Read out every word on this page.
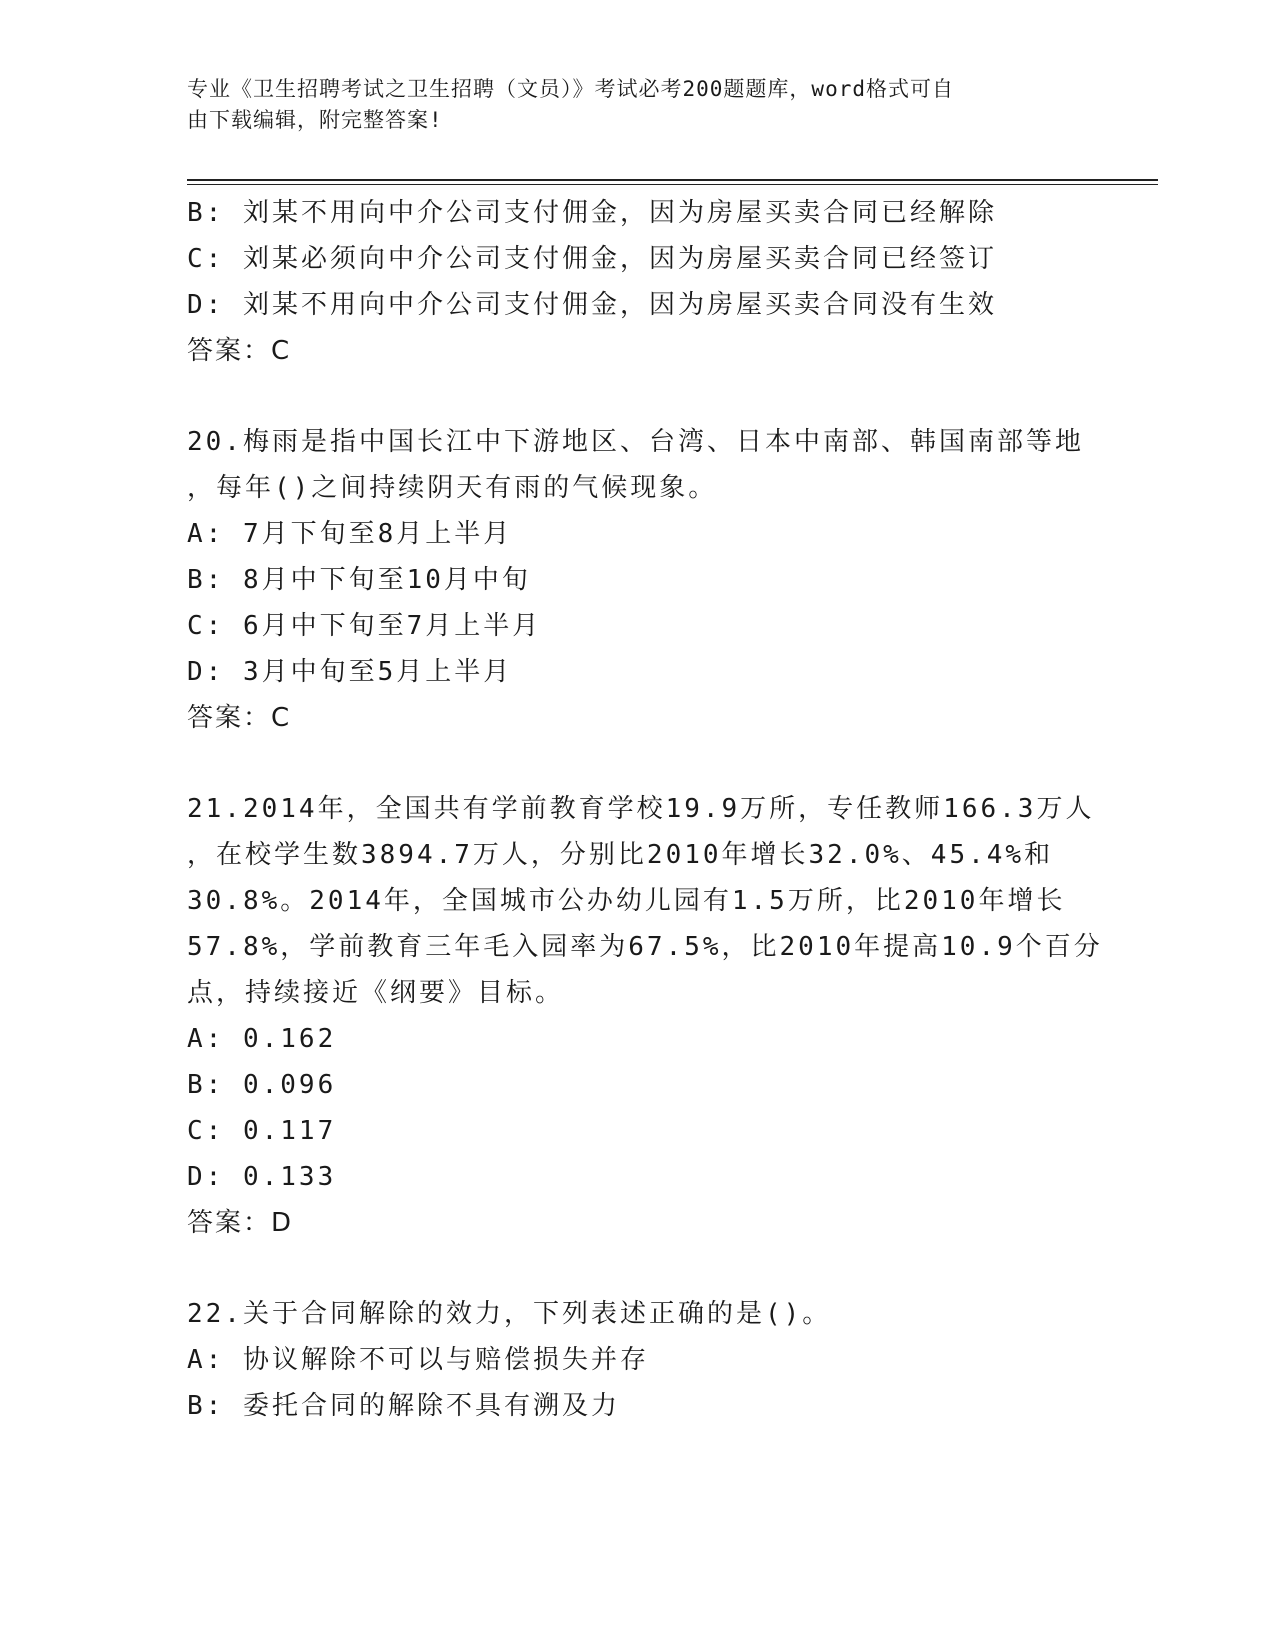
专业《卫生招聘考试之卫生招聘（文员）》考试必考200题题库，word格式可自
由下载编辑，附完整答案!
B: 刘某不用向中介公司支付佣金，因为房屋买卖合同已经解除
C: 刘某必须向中介公司支付佣金，因为房屋买卖合同已经签订
D: 刘某不用向中介公司支付佣金，因为房屋买卖合同没有生效
答案：C
20.梅雨是指中国长江中下游地区、台湾、日本中南部、韩国南部等地
，每年()之间持续阴天有雨的气候现象。
A: 7月下旬至8月上半月
B: 8月中下旬至10月中旬
C: 6月中下旬至7月上半月
D: 3月中旬至5月上半月
答案：C
21.2014年，全国共有学前教育学校19.9万所，专任教师166.3万人
，在校学生数3894.7万人，分别比2010年增长32.0%、45.4%和
30.8%。2014年，全国城市公办幼儿园有1.5万所，比2010年增长
57.8%，学前教育三年毛入园率为67.5%，比2010年提高10.9个百分
点，持续接近《纲要》目标。
A: 0.162
B: 0.096
C: 0.117
D: 0.133
答案：D
22.关于合同解除的效力，下列表述正确的是()。
A: 协议解除不可以与赔偿损失并存
B: 委托合同的解除不具有溯及力
